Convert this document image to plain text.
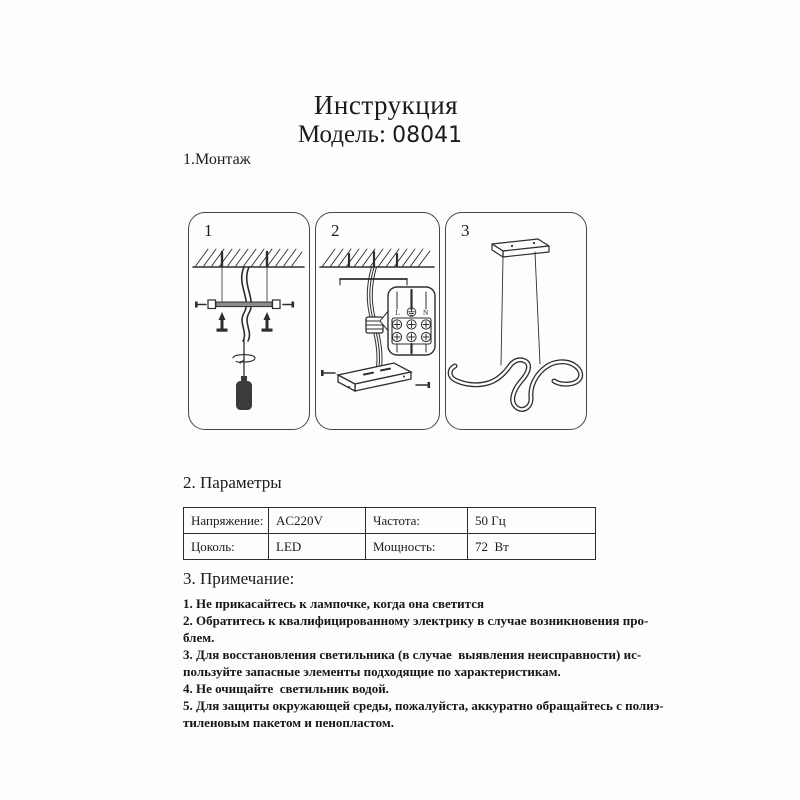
Инструкция
Модель: 08041
1.Монтаж
1	2
L	N
3
2. Параметры
Напряжение:	AC220V	Частота:	50 Гц
Цоколь:	LED	Мощность:	72  Вт
3. Примечание:
1. Не прикасайтесь к лампочке, когда она светится
2. Обратитесь к квалифицированному электрику в случае возникновения про-
блем.
3. Для восстановления светильника (в случае  выявления неисправности) ис-
пользуйте запасные элементы подходящие по характеристикам.
4. Не очищайте  светильник водой.
5. Для защиты окружающей среды, пожалуйста, аккуратно обращайтесь с полиэ-
тиленовым пакетом и пенопластом.
